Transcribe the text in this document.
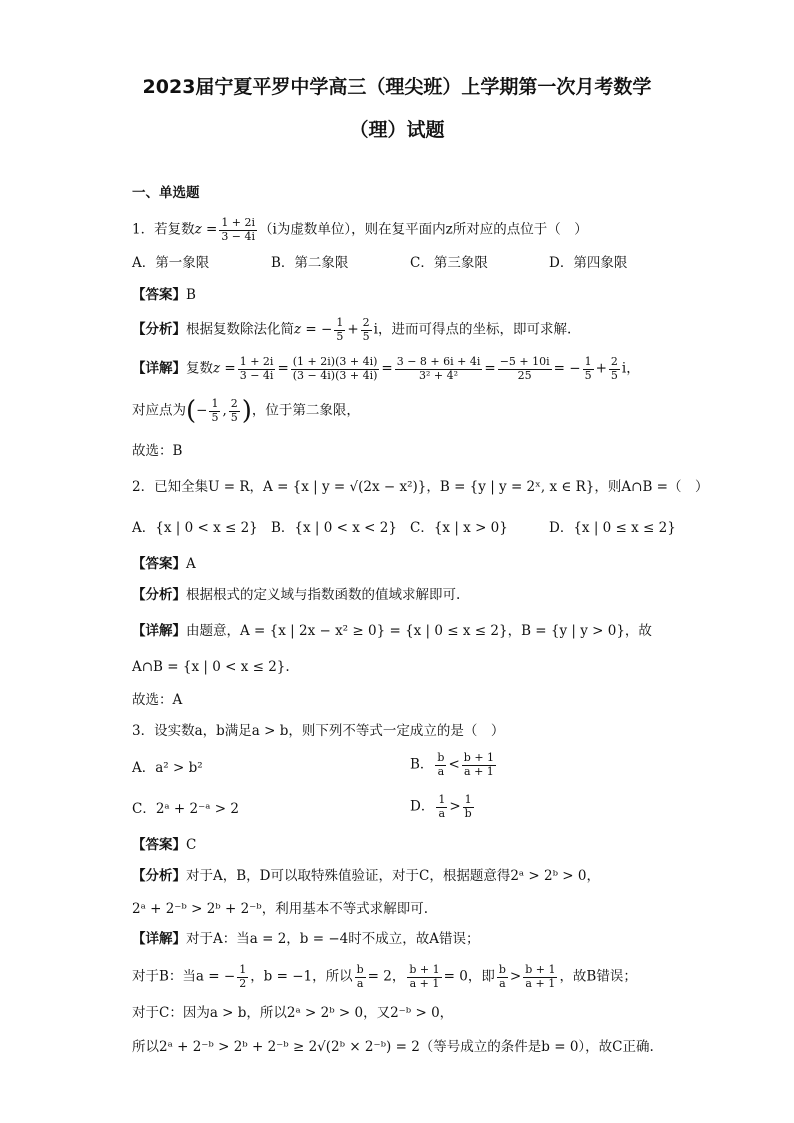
2023届宁夏平罗中学高三（理尖班）上学期第一次月考数学
（理）试题
一、单选题
1．若复数$z = \frac{1 + 2i}{3 - 4i} (i$为虚数单位），则在复平面内z所对应的点位于（　）
A．第一象限	B．第二象限	C．第三象限	D．第四象限
【答案】B
【分析】根据复数除法化简z = − $\frac{1}{5} + \frac{2}{5}$ i，进而可得点的坐标，即可求解.
【详解】复数$z = \frac{1 + 2i}{3 - 4i} = \frac{(1 + 2i)(3 + 4i)}{(3 - 4i)(3 + 4i)} = \frac{3 - 8 + 6i + 4i}{\text{3² + 4²}} = \frac{-5 + 10i}{25}$ = − $\frac{1}{5} + \frac{2}{5}$ i，
对应点为(− $\frac{1}{5}$ , $\frac{2}{5}$ )，位于第二象限，
故选：B
2．已知全集U = R，A = {x | y = √(2x − x²)}，B = {y | y = 2ˣ, x ∈ R}，则A∩B =（　）
A．{x | 0 < x ≤ 2} B．{x | 0 < x < 2} C．{x | x > 0}	D．{x | 0 ≤ x ≤ 2}
【答案】A
【分析】根据根式的定义域与指数函数的值域求解即可.
【详解】由题意，A = {x | 2x − x² ≥ 0} = {x | 0 ≤ x ≤ 2}，B = {y | y > 0}，故
A∩B = {x | 0 < x ≤ 2}.
故选：A
3．设实数a，b满足a > b，则下列不等式一定成立的是（　）
A．a² > b²	B． $\frac{b}{a} < \frac{b + 1}{a + 1}$
C．2ᵃ + 2⁻ᵃ > 2	D． $\frac{1}{a} > \frac{1}{b}$
【答案】C
【分析】对于A，B，D可以取特殊值验证，对于C，根据题意得2ᵃ > 2ᵇ > 0，
2ᵃ + 2⁻ᵇ > 2ᵇ + 2⁻ᵇ，利用基本不等式求解即可.
【详解】对于A：当a = 2，b = −4时不成立，故A错误；
对于B：当a = − $\frac{1}{2}$ ，b = −1，所以 $\frac{b}{a} = 2$， $\frac{b + 1}{a + 1} = 0$，即 $\frac{b}{a} > \frac{b + 1}{a + 1}$ ，故B错误；
对于C：因为a > b，所以2ᵃ > 2ᵇ > 0，又2⁻ᵇ > 0，
所以2ᵃ + 2⁻ᵇ > 2ᵇ + 2⁻ᵇ ≥ 2√(2ᵇ × 2⁻ᵇ) = 2（等号成立的条件是b = 0），故C正确.
